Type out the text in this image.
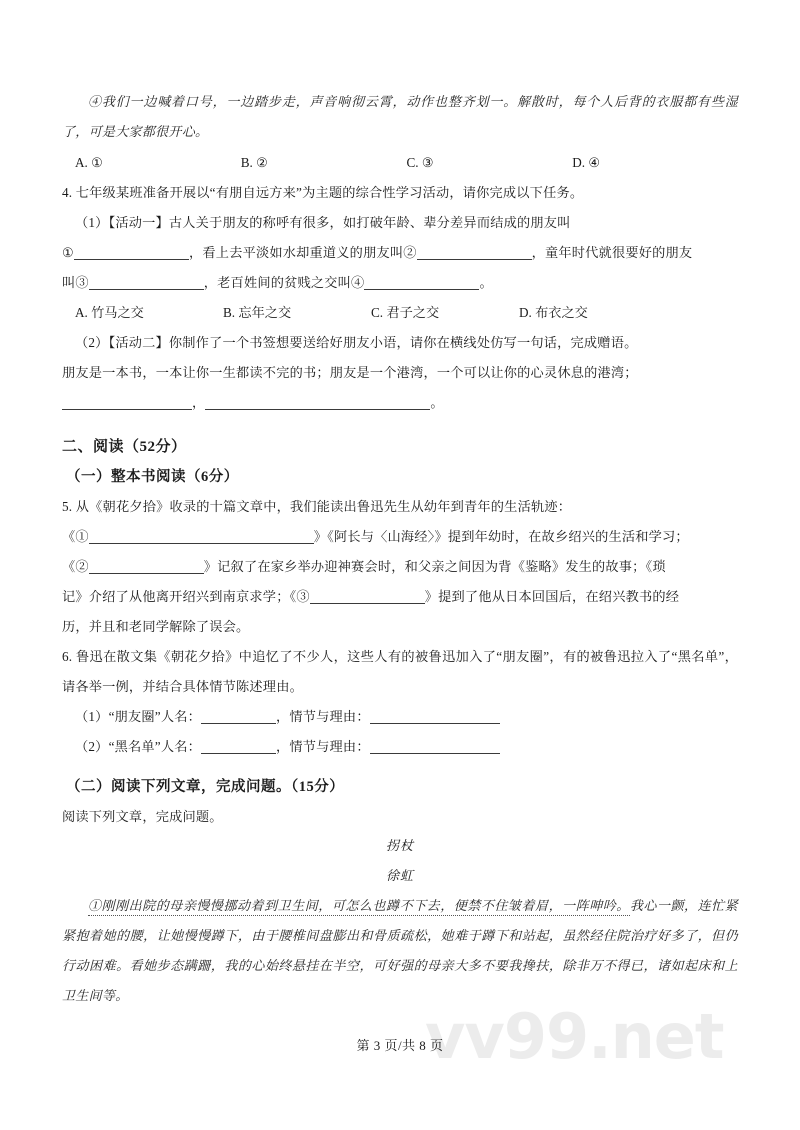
vv99.net
④我们一边喊着口号，一边踏步走，声音响彻云霄，动作也整齐划一。解散时，每个人后背的衣服都有些湿了，可是大家都很开心。
A. ①	B. ②	C. ③	D. ④
4. 七年级某班准备开展以“有朋自远方来”为主题的综合性学习活动，请你完成以下任务。
（1）【活动一】古人关于朋友的称呼有很多，如打破年龄、辈分差异而结成的朋友叫
①	，看上去平淡如水却重道义的朋友叫②	，童年时代就很要好的朋友
叫③	，老百姓间的贫贱之交叫④	。
A. 竹马之交	B. 忘年之交	C. 君子之交	D. 布衣之交
（2）【活动二】你制作了一个书签想要送给好朋友小语，请你在横线处仿写一句话，完成赠语。
朋友是一本书，一本让你一生都读不完的书；朋友是一个港湾，一个可以让你的心灵休息的港湾；
，	。
二、阅读（52分）
（一）整本书阅读（6分）
5. 从《朝花夕拾》收录的十篇文章中，我们能读出鲁迅先生从幼年到青年的生活轨迹：
《①	》《阿长与〈山海经〉》提到年幼时，在故乡绍兴的生活和学习；
《②	》记叙了在家乡举办迎神赛会时，和父亲之间因为背《鉴略》发生的故事；《琐
记》介绍了从他离开绍兴到南京求学；《③	》提到了他从日本回国后，在绍兴教书的经
历，并且和老同学解除了误会。
6. 鲁迅在散文集《朝花夕拾》中追忆了不少人，这些人有的被鲁迅加入了“朋友圈”，有的被鲁迅拉入了“黑名单”，请各举一例，并结合具体情节陈述理由。
（1）“朋友圈”人名：	，情节与理由：
（2）“黑名单”人名：	，情节与理由：
（二）阅读下列文章，完成问题。（15分）
阅读下列文章，完成问题。
拐杖
徐虹
①刚刚出院的母亲慢慢挪动着到卫生间，可怎么也蹲不下去，便禁不住皱着眉，一阵呻吟。我心一颤，连忙紧紧抱着她的腰，让她慢慢蹲下，由于腰椎间盘膨出和骨质疏松，她难于蹲下和站起，虽然经住院治疗好多了，但仍行动困难。看她步态蹒跚，我的心始终悬挂在半空，可好强的母亲大多不要我搀扶，除非万不得已，诸如起床和上卫生间等。
第 3 页/共 8 页
